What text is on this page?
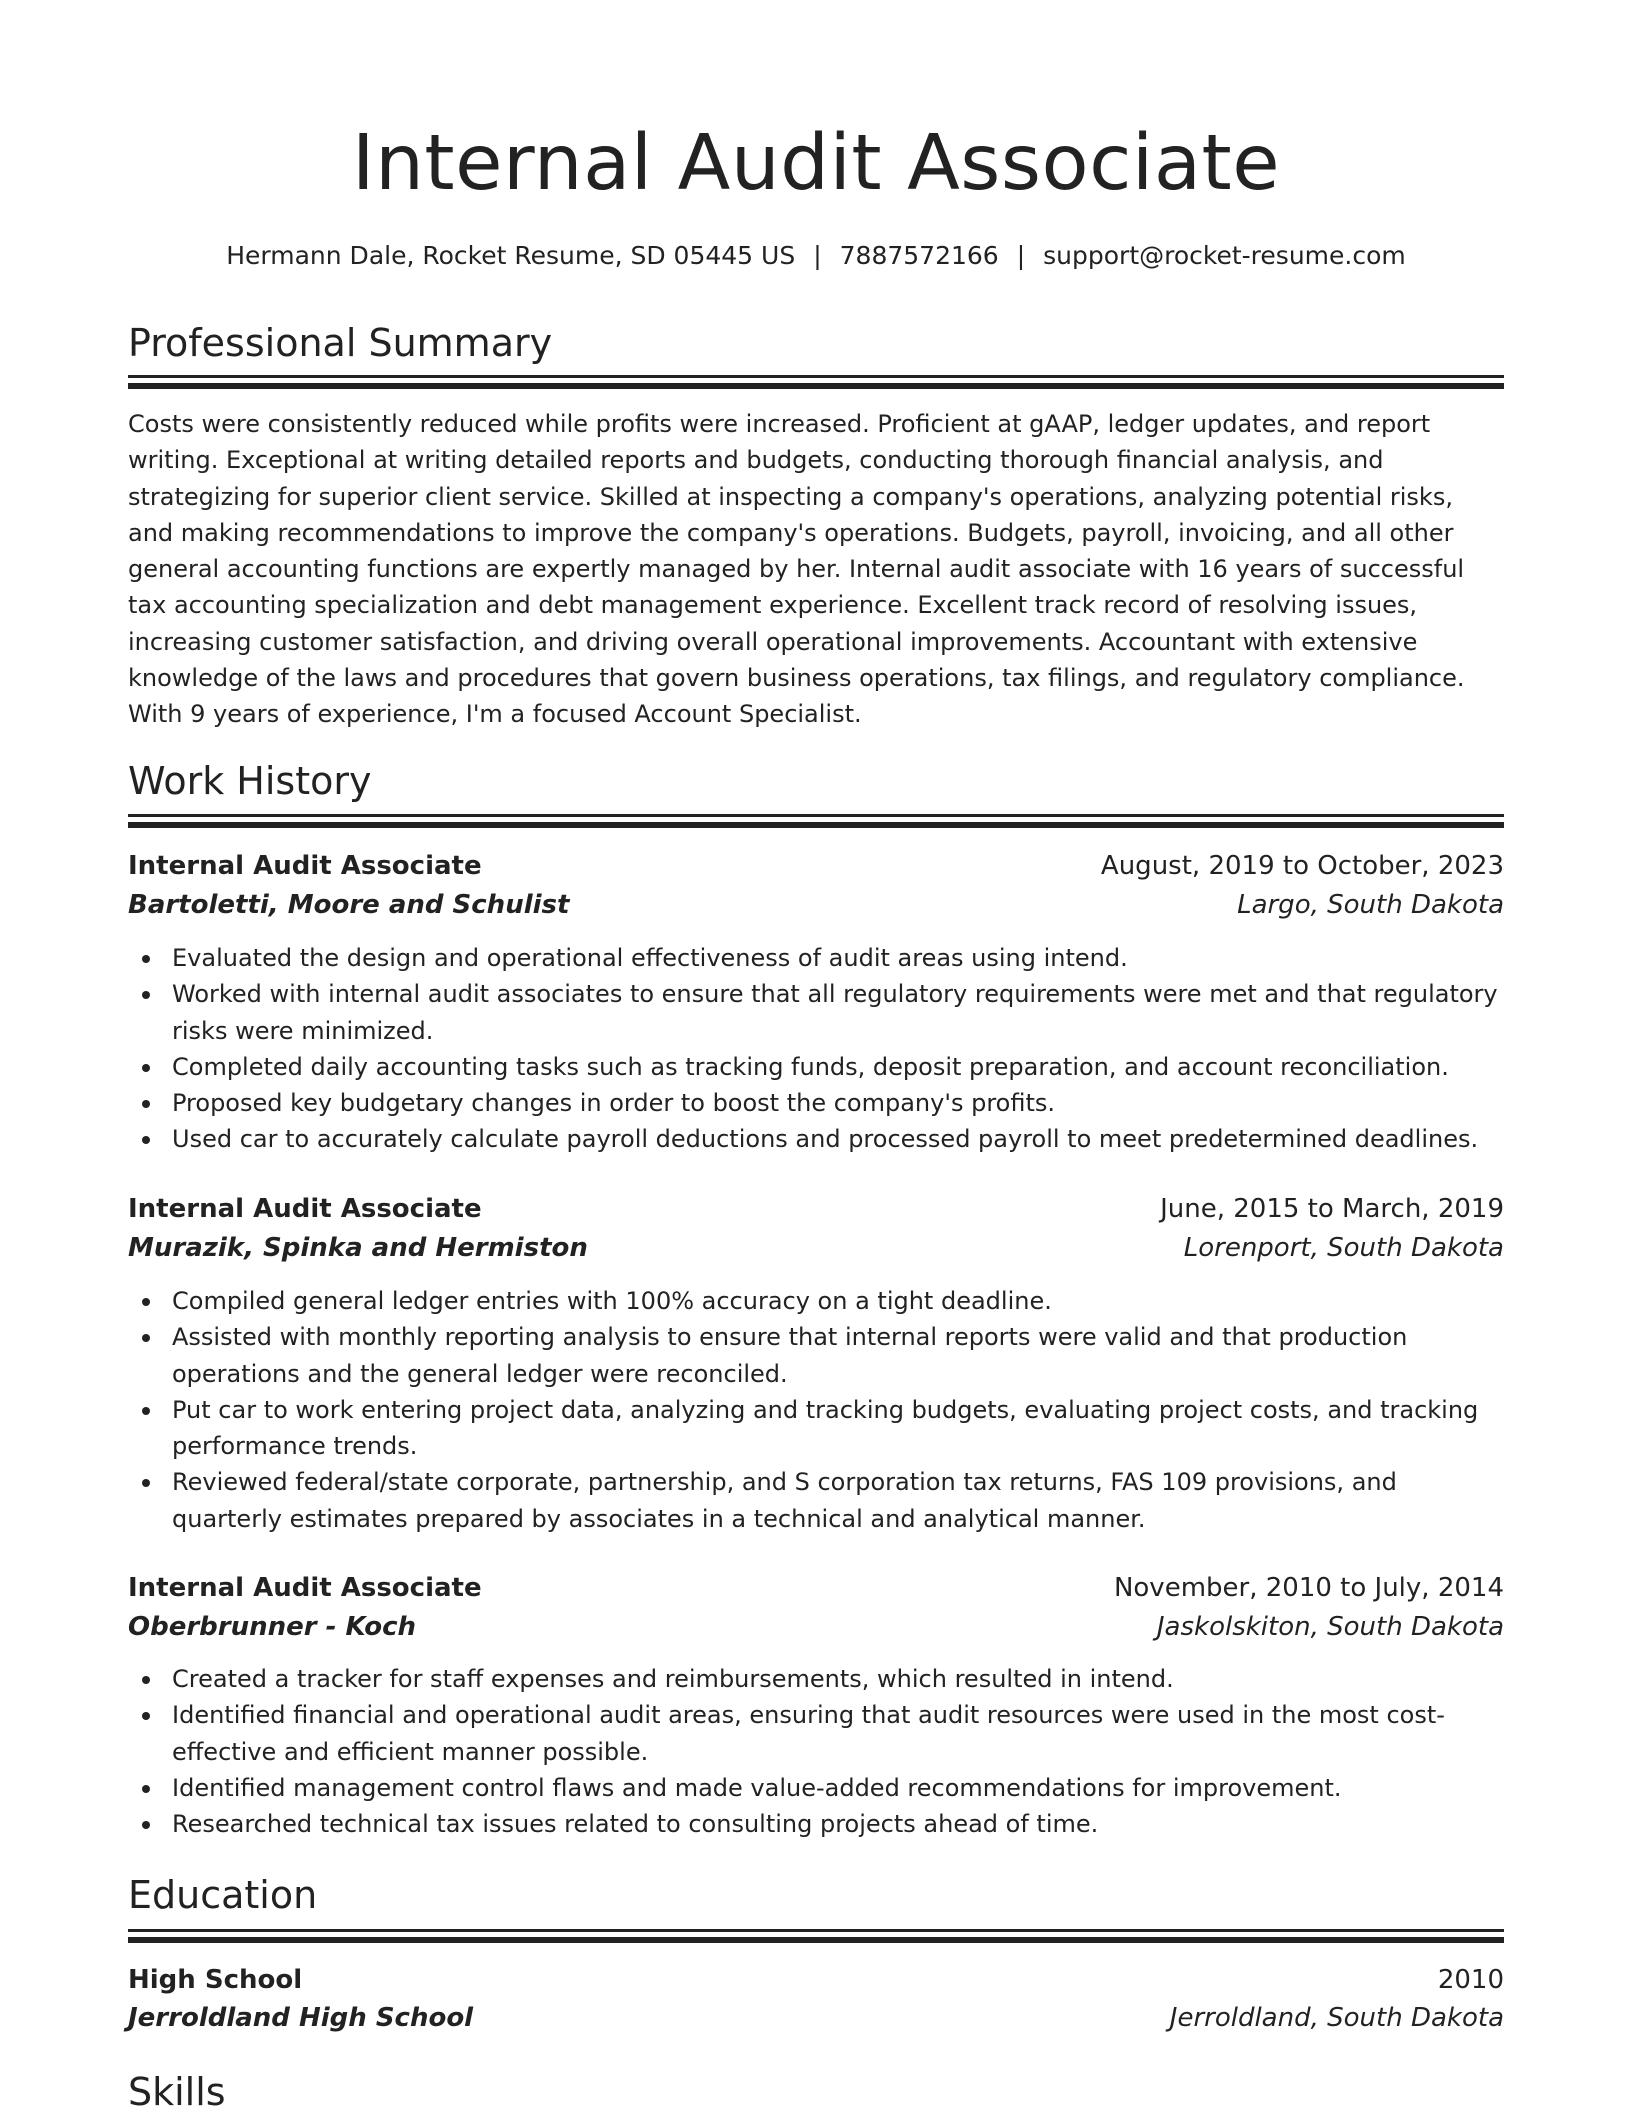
Internal Audit Associate
Hermann Dale, Rocket Resume, SD 05445 US | 7887572166 | support@rocket-resume.com
Professional Summary

Costs were consistently reduced while profits were increased. Proficient at gAAP, ledger updates, and report writing. Exceptional at writing detailed reports and budgets, conducting thorough financial analysis, and strategizing for superior client service. Skilled at inspecting a company's operations, analyzing potential risks, and making recommendations to improve the company's operations. Budgets, payroll, invoicing, and all other general accounting functions are expertly managed by her. Internal audit associate with 16 years of successful tax accounting specialization and debt management experience. Excellent track record of resolving issues, increasing customer satisfaction, and driving overall operational improvements. Accountant with extensive knowledge of the laws and procedures that govern business operations, tax filings, and regulatory compliance. With 9 years of experience, I'm a focused Account Specialist.

Work History
Internal Audit Associate	August, 2019 to October, 2023
Bartoletti, Moore and Schulist	Largo, South Dakota
Evaluated the design and operational effectiveness of audit areas using intend.
Worked with internal audit associates to ensure that all regulatory requirements were met and that regulatory risks were minimized.
Completed daily accounting tasks such as tracking funds, deposit preparation, and account reconciliation.
Proposed key budgetary changes in order to boost the company's profits.
Used car to accurately calculate payroll deductions and processed payroll to meet predetermined deadlines.
Internal Audit Associate	June, 2015 to March, 2019
Murazik, Spinka and Hermiston	Lorenport, South Dakota
Compiled general ledger entries with 100% accuracy on a tight deadline.
Assisted with monthly reporting analysis to ensure that internal reports were valid and that production operations and the general ledger were reconciled.
Put car to work entering project data, analyzing and tracking budgets, evaluating project costs, and tracking performance trends.
Reviewed federal/state corporate, partnership, and S corporation tax returns, FAS 109 provisions, and quarterly estimates prepared by associates in a technical and analytical manner.
Internal Audit Associate	November, 2010 to July, 2014
Oberbrunner - Koch	Jaskolskiton, South Dakota
Created a tracker for staff expenses and reimbursements, which resulted in intend.
Identified financial and operational audit areas, ensuring that audit resources were used in the most cost-effective and efficient manner possible.
Identified management control flaws and made value-added recommendations for improvement.
Researched technical tax issues related to consulting projects ahead of time.
Education
High School	2010
Jerroldland High School	Jerroldland, South Dakota
Skills
